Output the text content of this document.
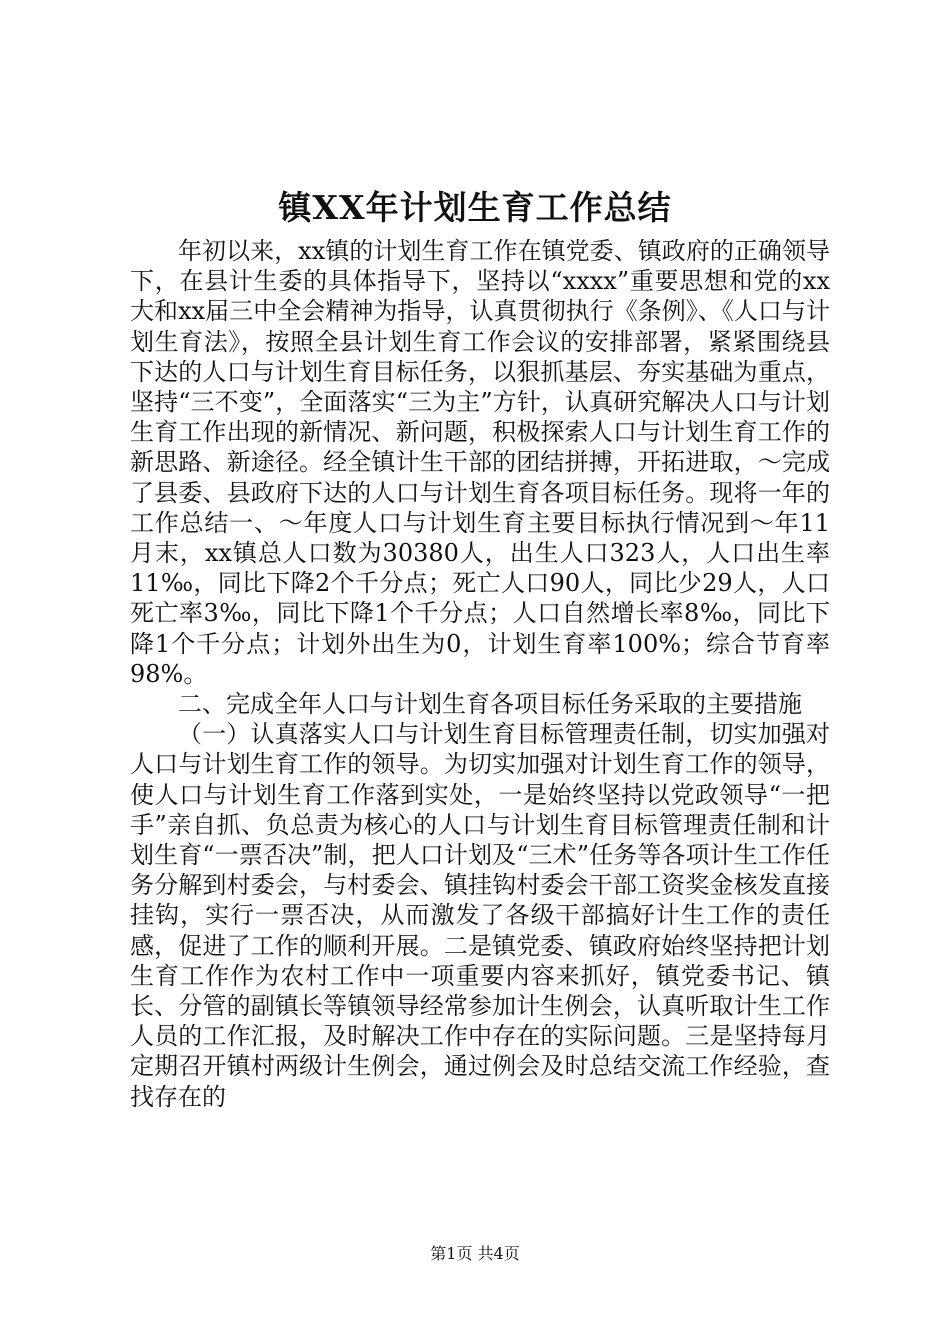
镇XX年计划生育工作总结

年初以来，xx镇的计划生育工作在镇党委、镇政府的正确领导下，在县计生委的具体指导下，坚持以“xxxx”重要思想和党的xx大和xx届三中全会精神为指导，认真贯彻执行《条例》、《人口与计划生育法》，按照全县计划生育工作会议的安排部署，紧紧围绕县下达的人口与计划生育目标任务，以狠抓基层、夯实基础为重点，坚持“三不变”，全面落实“三为主”方针，认真研究解决人口与计划生育工作出现的新情况、新问题，积极探索人口与计划生育工作的新思路、新途径。经全镇计生干部的团结拼搏，开拓进取，～完成了县委、县政府下达的人口与计划生育各项目标任务。现将一年的工作总结一、～年度人口与计划生育主要目标执行情况到～年11月末，xx镇总人口数为30380人，出生人口323人，人口出生率11‰，同比下降2个千分点；死亡人口90人，同比少29人，人口死亡率3‰，同比下降1个千分点；人口自然增长率8‰，同比下降1个千分点；计划外出生为0，计划生育率100%；综合节育率98%。

二、完成全年人口与计划生育各项目标任务采取的主要措施

（一）认真落实人口与计划生育目标管理责任制，切实加强对人口与计划生育工作的领导。为切实加强对计划生育工作的领导，使人口与计划生育工作落到实处，一是始终坚持以党政领导“一把手”亲自抓、负总责为核心的人口与计划生育目标管理责任制和计划生育“一票否决”制，把人口计划及“三术”任务等各项计生工作任务分解到村委会，与村委会、镇挂钩村委会干部工资奖金核发直接挂钩，实行一票否决，从而激发了各级干部搞好计生工作的责任感，促进了工作的顺利开展。二是镇党委、镇政府始终坚持把计划生育工作作为农村工作中一项重要内容来抓好，镇党委书记、镇长、分管的副镇长等镇领导经常参加计生例会，认真听取计生工作人员的工作汇报，及时解决工作中存在的实际问题。三是坚持每月定期召开镇村两级计生例会，通过例会及时总结交流工作经验，查找存在的

第1页 共4页
